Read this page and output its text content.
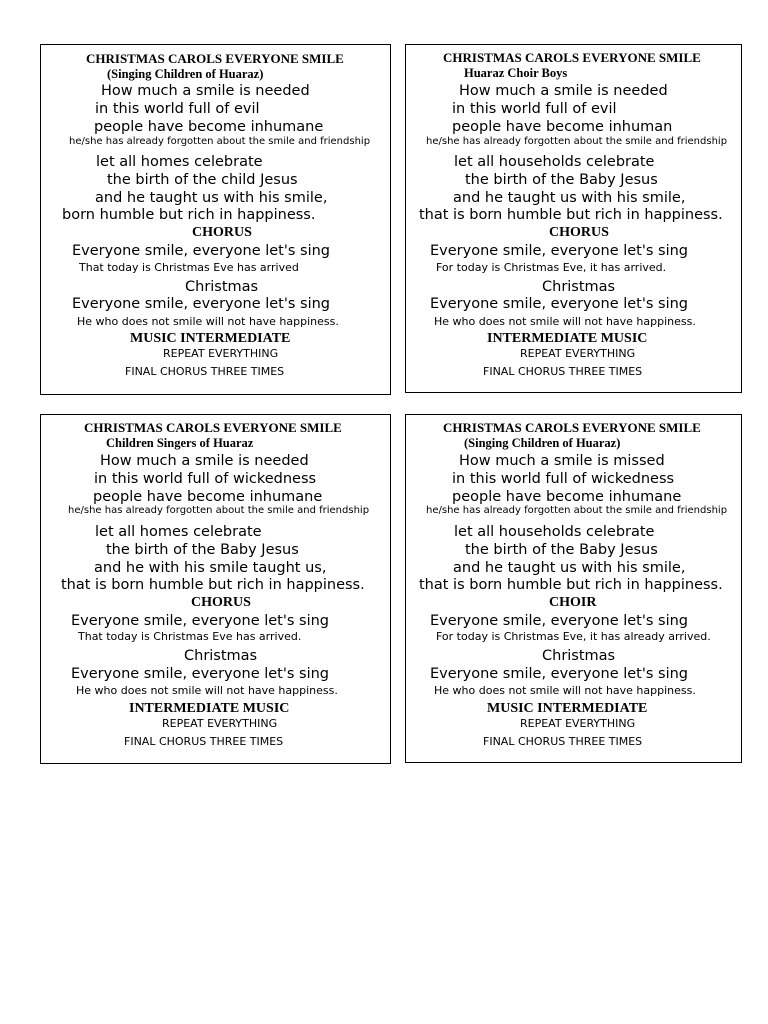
CHRISTMAS CAROLS EVERYONE SMILE
(Singing Children of Huaraz)
How much a smile is needed
in this world full of evil
people have become inhumane
he/she has already forgotten about the smile and friendship
let all homes celebrate
the birth of the child Jesus
and he taught us with his smile,
born humble but rich in happiness.
CHORUS
Everyone smile, everyone let's sing
That today is Christmas Eve has arrived
Christmas
Everyone smile, everyone let's sing
He who does not smile will not have happiness.
MUSIC INTERMEDIATE
REPEAT EVERYTHING
FINAL CHORUS THREE TIMES
CHRISTMAS CAROLS EVERYONE SMILE
Huaraz Choir Boys
How much a smile is needed
in this world full of evil
people have become inhuman
he/she has already forgotten about the smile and friendship
let all households celebrate
the birth of the Baby Jesus
and he taught us with his smile,
that is born humble but rich in happiness.
CHORUS
Everyone smile, everyone let's sing
For today is Christmas Eve, it has arrived.
Christmas
Everyone smile, everyone let's sing
He who does not smile will not have happiness.
INTERMEDIATE MUSIC
REPEAT EVERYTHING
FINAL CHORUS THREE TIMES
CHRISTMAS CAROLS EVERYONE SMILE
Children Singers of Huaraz
How much a smile is needed
in this world full of wickedness
people have become inhumane
he/she has already forgotten about the smile and friendship
let all homes celebrate
the birth of the Baby Jesus
and he with his smile taught us,
that is born humble but rich in happiness.
CHORUS
Everyone smile, everyone let's sing
That today is Christmas Eve has arrived.
Christmas
Everyone smile, everyone let's sing
He who does not smile will not have happiness.
INTERMEDIATE MUSIC
REPEAT EVERYTHING
FINAL CHORUS THREE TIMES
CHRISTMAS CAROLS EVERYONE SMILE
(Singing Children of Huaraz)
How much a smile is missed
in this world full of wickedness
people have become inhumane
he/she has already forgotten about the smile and friendship
let all households celebrate
the birth of the Baby Jesus
and he taught us with his smile,
that is born humble but rich in happiness.
CHOIR
Everyone smile, everyone let's sing
For today is Christmas Eve, it has already arrived.
Christmas
Everyone smile, everyone let's sing
He who does not smile will not have happiness.
MUSIC INTERMEDIATE
REPEAT EVERYTHING
FINAL CHORUS THREE TIMES
